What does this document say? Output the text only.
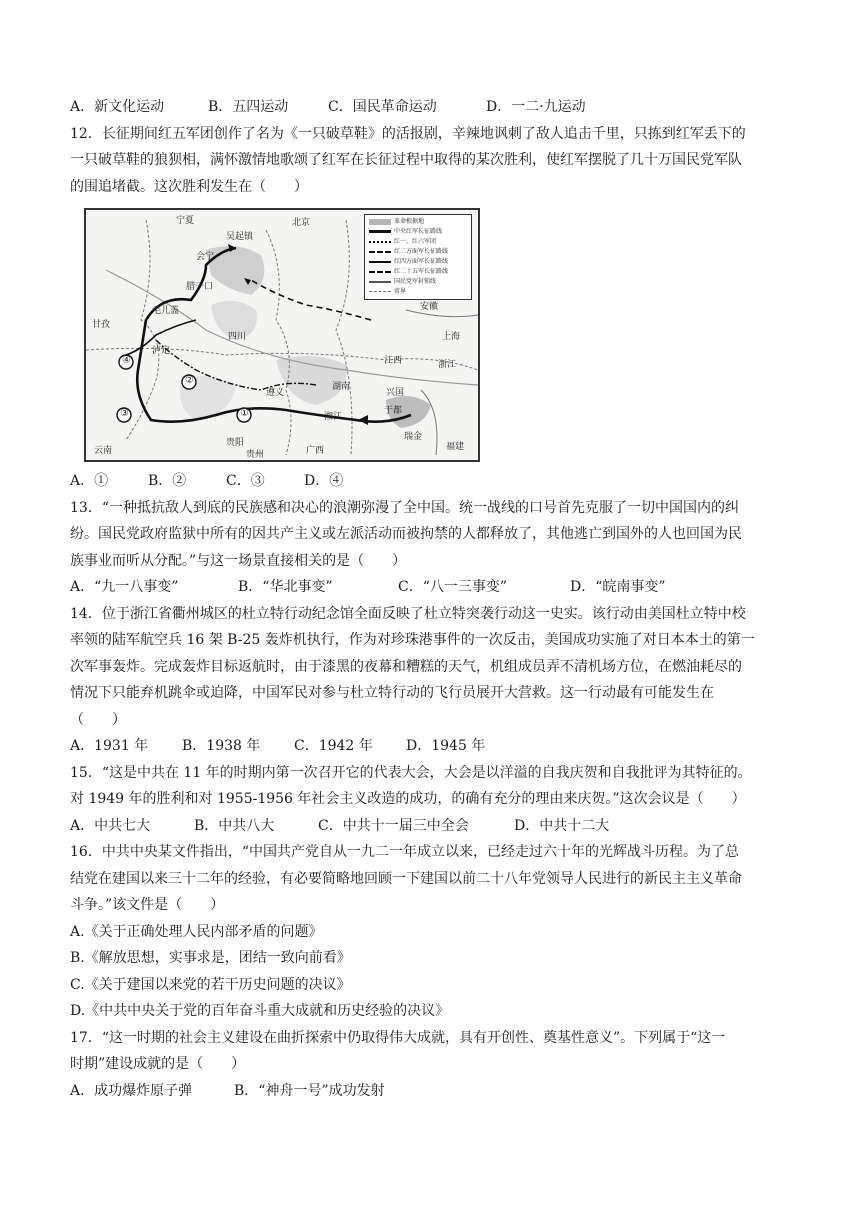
A．新文化运动	B．五四运动	C．国民革命运动	D．一二·九运动
12．长征期间红五军团创作了名为《一只破草鞋》的活报剧，辛辣地讽刺了敌人追击千里，只拣到红军丢下的
一只破草鞋的狼狈相，满怀激情地歌颂了红军在长征过程中取得的某次胜利，使红军摆脱了几十万国民党军队
的围追堵截。这次胜利发生在（　　）
①
②
③
④
宁夏
吴起镇
会宁
腊子口
毛儿盖
甘孜
泸定
四川
贵阳
遵义
湘江
瑞金
兴国
于都
云南	贵州
安徽
浙江
湖南
广西
江西
福建
北京
上海
革命根据地
中央红军长征路线
红一、红六军团
红二方面军长征路线
红四方面军长征路线
红二十五军长征路线
国民党军封锁线
省界
A．①	B．②	C．③	D．④
13．“一种抵抗敌人到底的民族感和决心的浪潮弥漫了全中国。统一战线的口号首先克服了一切中国国内的纠
纷。国民党政府监狱中所有的因共产主义或左派活动而被拘禁的人都释放了，其他逃亡到国外的人也回国为民
族事业而听从分配。”与这一场景直接相关的是（　　）
A．“九一八事变”	B．“华北事变”	C．“八一三事变”	D．“皖南事变”
14．位于浙江省衢州城区的杜立特行动纪念馆全面反映了杜立特突袭行动这一史实。该行动由美国杜立特中校
率领的陆军航空兵 16 架 B-25 轰炸机执行，作为对珍珠港事件的一次反击，美国成功实施了对日本本土的第一
次军事轰炸。完成轰炸目标返航时，由于漆黑的夜幕和糟糕的天气，机组成员弄不清机场方位，在燃油耗尽的
情况下只能弃机跳伞或迫降，中国军民对参与杜立特行动的飞行员展开大营救。这一行动最有可能发生在
（　　）
A．1931 年	B．1938 年	C．1942 年	D．1945 年
15．“这是中共在 11 年的时期内第一次召开它的代表大会，大会是以洋溢的自我庆贺和自我批评为其特征的。
对 1949 年的胜利和对 1955-1956 年社会主义改造的成功，的确有充分的理由来庆贺。”这次会议是（　　）
A．中共七大	B．中共八大	C．中共十一届三中全会	D．中共十二大
16．中共中央某文件指出，“中国共产党自从一九二一年成立以来，已经走过六十年的光辉战斗历程。为了总
结党在建国以来三十二年的经验，有必要简略地回顾一下建国以前二十八年党领导人民进行的新民主主义革命
斗争。”该文件是（　　）
A.《关于正确处理人民内部矛盾的问题》
B.《解放思想，实事求是，团结一致向前看》
C.《关于建国以来党的若干历史问题的决议》
D.《中共中央关于党的百年奋斗重大成就和历史经验的决议》
17．“这一时期的社会主义建设在曲折探索中仍取得伟大成就，具有开创性、奠基性意义”。下列属于“这一
时期”建设成就的是（　　）
A．成功爆炸原子弹	B．“神舟一号”成功发射
